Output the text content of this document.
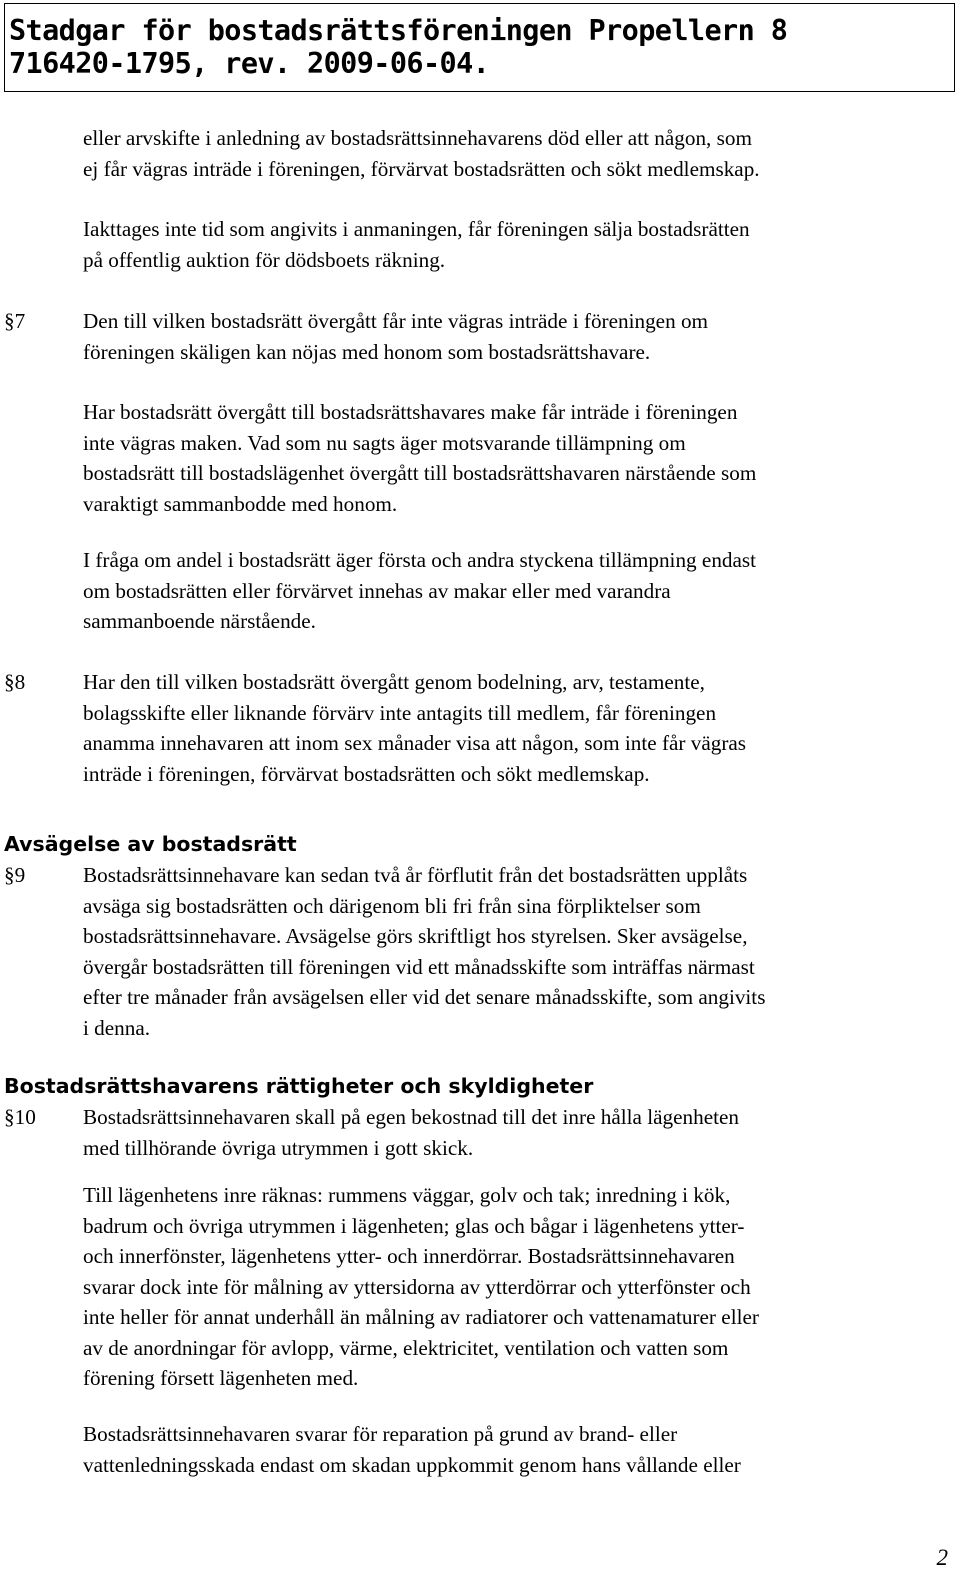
Stadgar för bostadsrättsföreningen Propellern 8
716420-1795, rev. 2009-06-04.
eller arvskifte i anledning av bostadsrättsinnehavarens död eller att någon, som
ej får vägras inträde i föreningen, förvärvat bostadsrätten och sökt medlemskap.
Iakttages inte tid som angivits i anmaningen, får föreningen sälja bostadsrätten
på offentlig auktion för dödsboets räkning.
§7	Den till vilken bostadsrätt övergått får inte vägras inträde i föreningen om
föreningen skäligen kan nöjas med honom som bostadsrättshavare.
Har bostadsrätt övergått till bostadsrättshavares make får inträde i föreningen
inte vägras maken. Vad som nu sagts äger motsvarande tillämpning om
bostadsrätt till bostadslägenhet övergått till bostadsrättshavaren närstående som
varaktigt sammanbodde med honom.
I fråga om andel i bostadsrätt äger första och andra styckena tillämpning endast
om bostadsrätten eller förvärvet innehas av makar eller med varandra
sammanboende närstående.
§8	Har den till vilken bostadsrätt övergått genom bodelning, arv, testamente,
bolagsskifte eller liknande förvärv inte antagits till medlem, får föreningen
anamma innehavaren att inom sex månader visa att någon, som inte får vägras
inträde i föreningen, förvärvat bostadsrätten och sökt medlemskap.
Avsägelse av bostadsrätt
§9	Bostadsrättsinnehavare kan sedan två år förflutit från det bostadsrätten upplåts
avsäga sig bostadsrätten och därigenom bli fri från sina förpliktelser som
bostadsrättsinnehavare. Avsägelse görs skriftligt hos styrelsen. Sker avsägelse,
övergår bostadsrätten till föreningen vid ett månadsskifte som inträffas närmast
efter tre månader från avsägelsen eller vid det senare månadsskifte, som angivits
i denna.
Bostadsrättshavarens rättigheter och skyldigheter
§10 Bostadsrättsinnehavaren skall på egen bekostnad till det inre hålla lägenheten
med tillhörande övriga utrymmen i gott skick.
Till lägenhetens inre räknas: rummens väggar, golv och tak; inredning i kök,
badrum och övriga utrymmen i lägenheten; glas och bågar i lägenhetens ytter-
och innerfönster, lägenhetens ytter- och innerdörrar. Bostadsrättsinnehavaren
svarar dock inte för målning av yttersidorna av ytterdörrar och ytterfönster och
inte heller för annat underhåll än målning av radiatorer och vattenamaturer eller
av de anordningar för avlopp, värme, elektricitet, ventilation och vatten som
förening försett lägenheten med.
Bostadsrättsinnehavaren svarar för reparation på grund av brand- eller
vattenledningsskada endast om skadan uppkommit genom hans vållande eller
2
